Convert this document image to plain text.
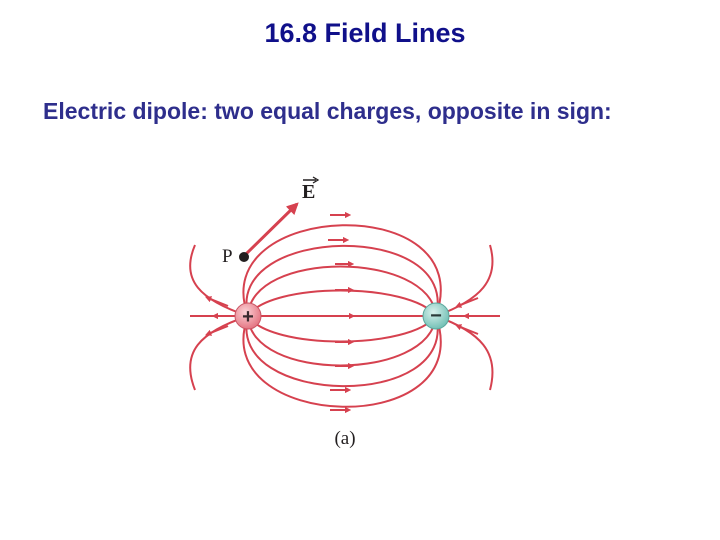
16.8 Field Lines
Electric dipole: two equal charges, opposite in sign:
E
P
+	−
(a)
